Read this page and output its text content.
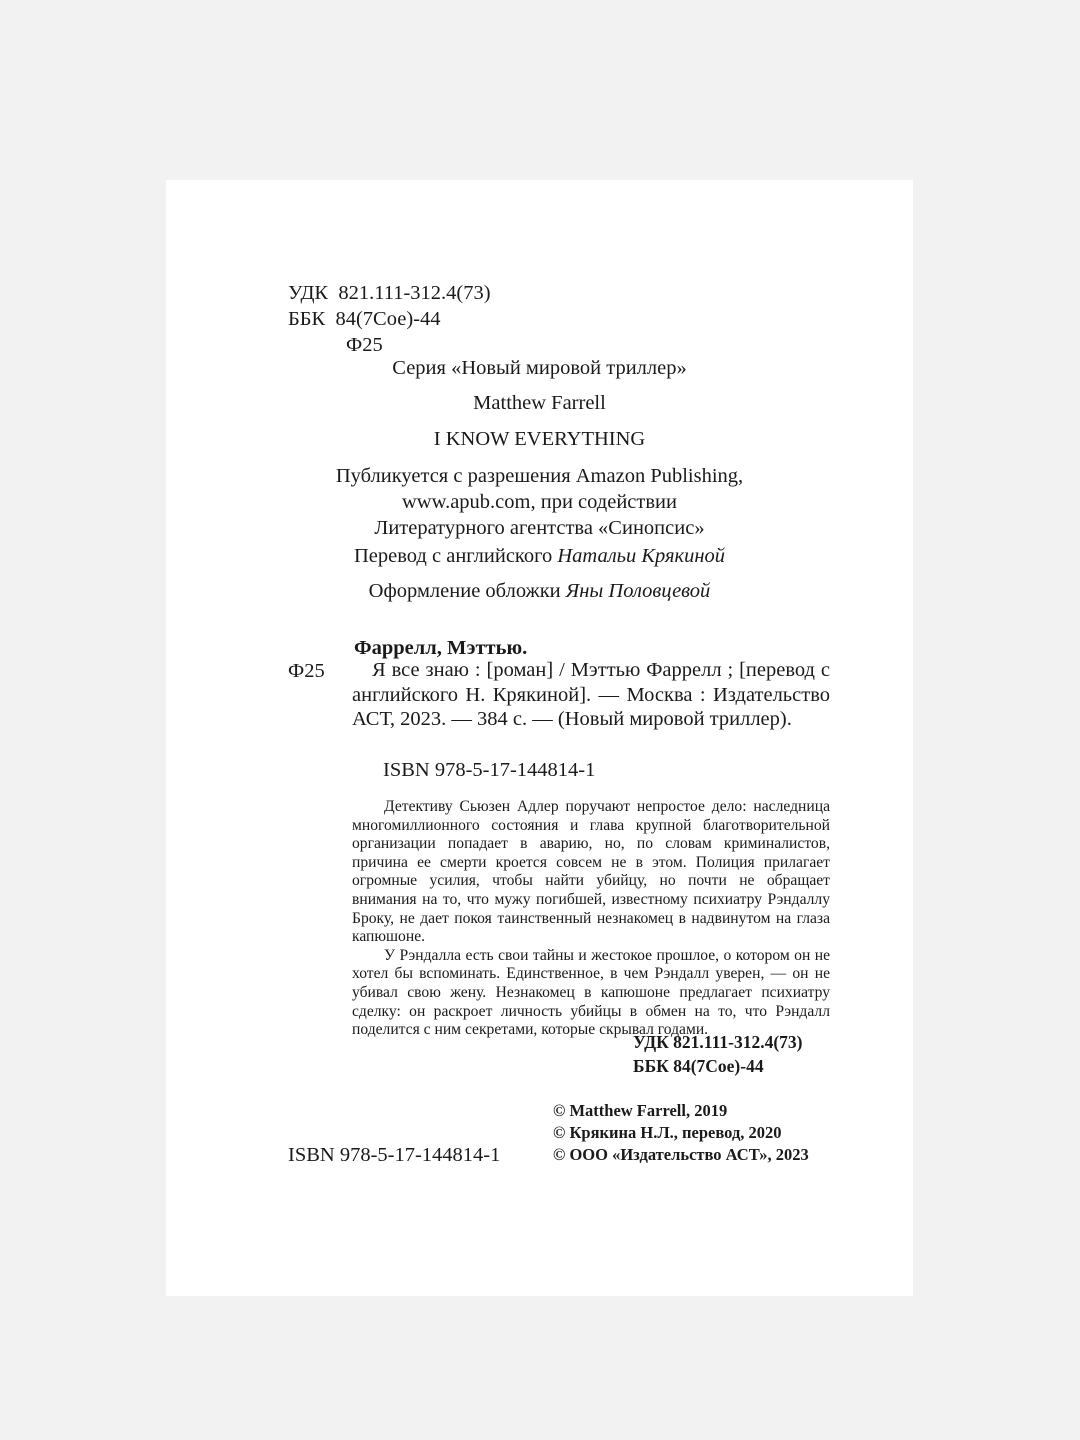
УДК 821.111-312.4(73)
ББК 84(7Сое)-44
Ф25
Серия «Новый мировой триллер»
Matthew Farrell
I KNOW EVERYTHING
Публикуется с разрешения Amazon Publishing,
www.apub.com, при содействии
Литературного агентства «Синопсис»
Перевод с английского Натальи Крякиной
Оформление обложки Яны Половцевой
Фаррелл, Мэттью.
Ф25	Я все знаю : [роман] / Мэттью Фаррелл ; [перевод с английского Н. Крякиной]. — Москва : Издательство АСТ, 2023. — 384 с. — (Новый мировой триллер).
ISBN 978-5-17-144814-1

Детективу Сьюзен Адлер поручают непростое дело: наследница многомиллионного состояния и глава крупной благотворительной организации попадает в аварию, но, по словам криминалистов, причина ее смерти кроется совсем не в этом. Полиция прилагает огромные усилия, чтобы найти убийцу, но почти не обращает внимания на то, что мужу погибшей, известному психиатру Рэндаллу Броку, не дает покоя таинственный незнакомец в надвинутом на глаза капюшоне.

У Рэндалла есть свои тайны и жестокое прошлое, о котором он не хотел бы вспоминать. Единственное, в чем Рэндалл уверен, — он не убивал свою жену. Незнакомец в капюшоне предлагает психиатру сделку: он раскроет личность убийцы в обмен на то, что Рэндалл поделится с ним секретами, которые скрывал годами.

УДК 821.111-312.4(73)
ББК 84(7Сое)-44
© Matthew Farrell, 2019
© Крякина Н.Л., перевод, 2020
© ООО «Издательство АСТ», 2023
ISBN 978-5-17-144814-1
